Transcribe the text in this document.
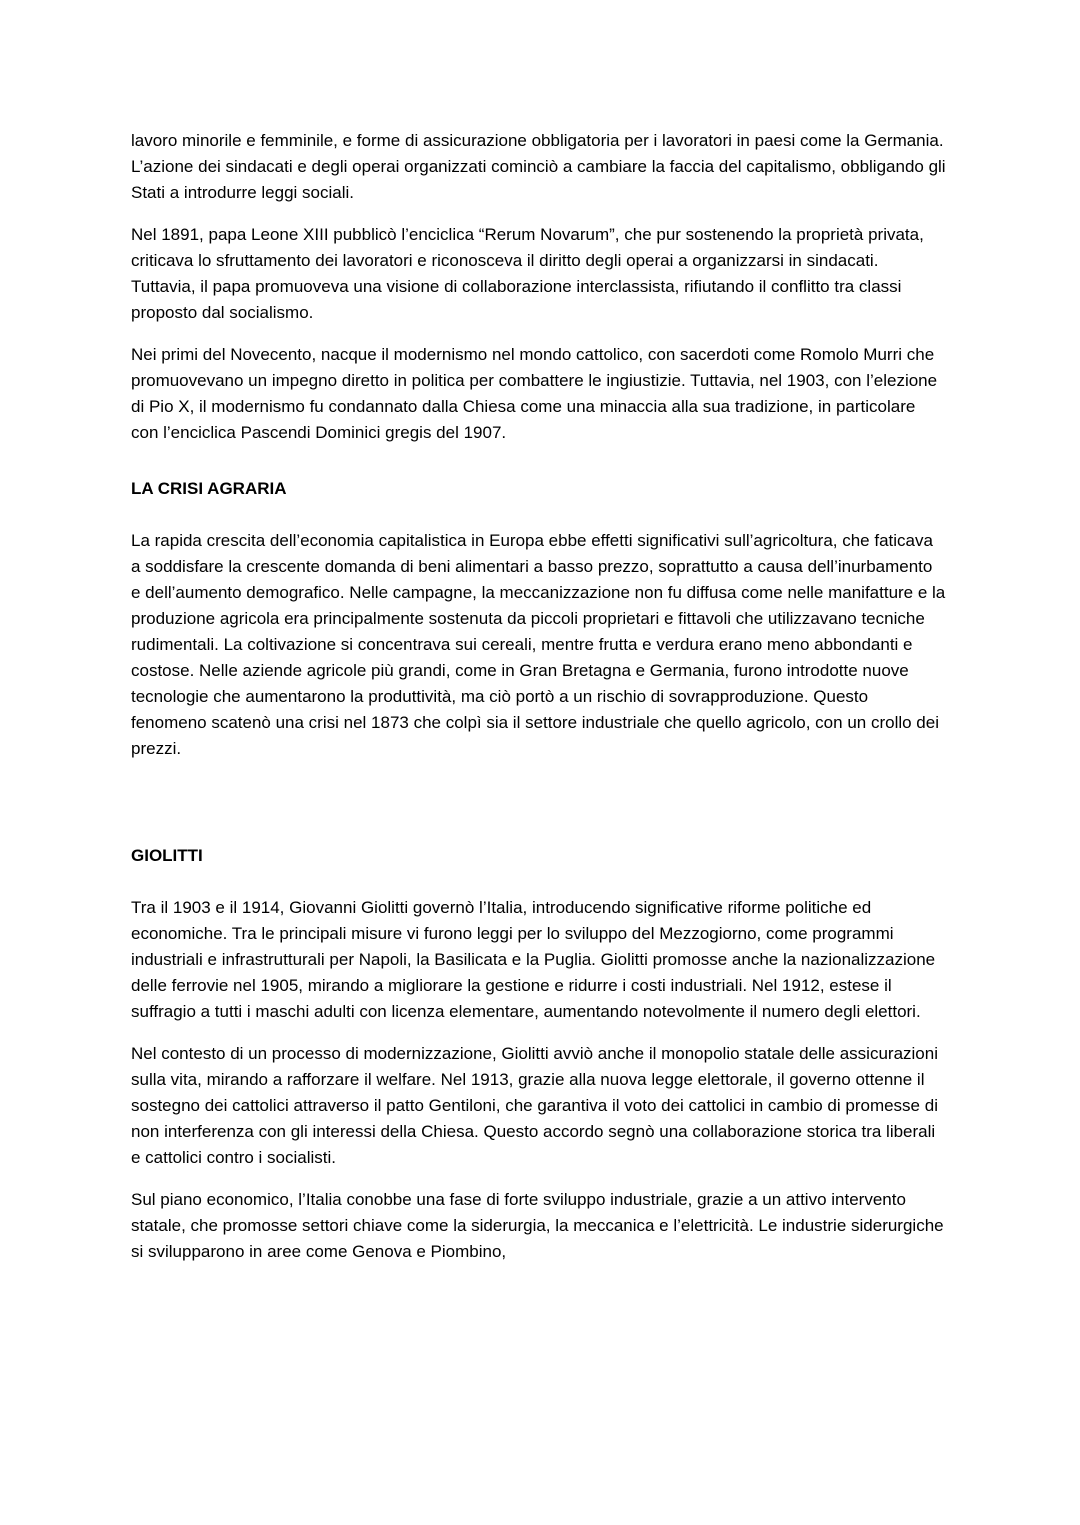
lavoro minorile e femminile, e forme di assicurazione obbligatoria per i lavoratori in paesi come la Germania. L’azione dei sindacati e degli operai organizzati cominciò a cambiare la faccia del capitalismo, obbligando gli Stati a introdurre leggi sociali.

Nel 1891, papa Leone XIII pubblicò l’enciclica “Rerum Novarum”, che pur sostenendo la proprietà privata, criticava lo sfruttamento dei lavoratori e riconosceva il diritto degli operai a organizzarsi in sindacati. Tuttavia, il papa promuoveva una visione di collaborazione interclassista, rifiutando il conflitto tra classi proposto dal socialismo.

Nei primi del Novecento, nacque il modernismo nel mondo cattolico, con sacerdoti come Romolo Murri che promuovevano un impegno diretto in politica per combattere le ingiustizie. Tuttavia, nel 1903, con l’elezione di Pio X, il modernismo fu condannato dalla Chiesa come una minaccia alla sua tradizione, in particolare con l’enciclica Pascendi Dominici gregis del 1907.

LA CRISI AGRARIA

La rapida crescita dell’economia capitalistica in Europa ebbe effetti significativi sull’agricoltura, che faticava a soddisfare la crescente domanda di beni alimentari a basso prezzo, soprattutto a causa dell’inurbamento e dell’aumento demografico. Nelle campagne, la meccanizzazione non fu diffusa come nelle manifatture e la produzione agricola era principalmente sostenuta da piccoli proprietari e fittavoli che utilizzavano tecniche rudimentali. La coltivazione si concentrava sui cereali, mentre frutta e verdura erano meno abbondanti e costose. Nelle aziende agricole più grandi, come in Gran Bretagna e Germania, furono introdotte nuove tecnologie che aumentarono la produttività, ma ciò portò a un rischio di sovrapproduzione. Questo fenomeno scatenò una crisi nel 1873 che colpì sia il settore industriale che quello agricolo, con un crollo dei prezzi.

GIOLITTI

Tra il 1903 e il 1914, Giovanni Giolitti governò l’Italia, introducendo significative riforme politiche ed economiche. Tra le principali misure vi furono leggi per lo sviluppo del Mezzogiorno, come programmi industriali e infrastrutturali per Napoli, la Basilicata e la Puglia. Giolitti promosse anche la nazionalizzazione delle ferrovie nel 1905, mirando a migliorare la gestione e ridurre i costi industriali. Nel 1912, estese il suffragio a tutti i maschi adulti con licenza elementare, aumentando notevolmente il numero degli elettori.

Nel contesto di un processo di modernizzazione, Giolitti avviò anche il monopolio statale delle assicurazioni sulla vita, mirando a rafforzare il welfare. Nel 1913, grazie alla nuova legge elettorale, il governo ottenne il sostegno dei cattolici attraverso il patto Gentiloni, che garantiva il voto dei cattolici in cambio di promesse di non interferenza con gli interessi della Chiesa. Questo accordo segnò una collaborazione storica tra liberali e cattolici contro i socialisti.

Sul piano economico, l’Italia conobbe una fase di forte sviluppo industriale, grazie a un attivo intervento statale, che promosse settori chiave come la siderurgia, la meccanica e l’elettricità. Le industrie siderurgiche si svilupparono in aree come Genova e Piombino,
